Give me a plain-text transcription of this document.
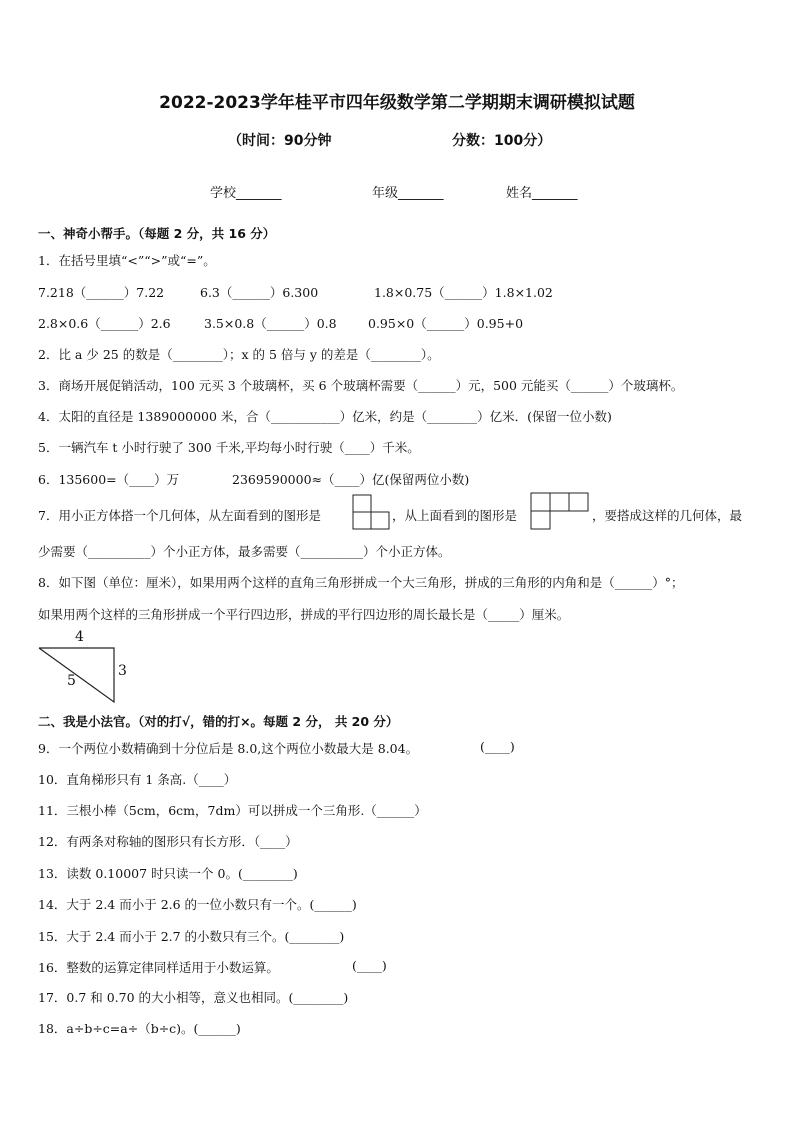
2022-2023学年桂平市四年级数学第二学期期末调研模拟试题
（时间：90分钟	分数：100分）
学校_______	年级_______	姓名_______
一、神奇小帮手。（每题 2 分，共 16 分）
1．在括号里填“<”“>”或“=”。
7.218（______）7.22	6.3（______）6.300	1.8×0.75（______）1.8×1.02
2.8×0.6（______）2.6	3.5×0.8（______）0.8	0.95×0（______）0.95+0
2．比 a 少 25 的数是（________）；x 的 5 倍与 y 的差是（________）。
3．商场开展促销活动，100 元买 3 个玻璃杯，买 6 个玻璃杯需要（______）元，500 元能买（______）个玻璃杯。
4．太阳的直径是 1389000000 米，合（___________）亿米，约是（________）亿米．(保留一位小数)
5．一辆汽车 t 小时行驶了 300 千米,平均每小时行驶（____）千米。
6．135600=（____）万	2369590000≈（____）亿(保留两位小数)
7．用小正方体搭一个几何体，从左面看到的图形是	，从上面看到的图形是	，要搭成这样的几何体，最
少需要（__________）个小正方体，最多需要（__________）个小正方体。
8．如下图（单位：厘米），如果用两个这样的直角三角形拼成一个大三角形，拼成的三角形的内角和是（______）°；
如果用两个这样的三角形拼成一个平行四边形，拼成的平行四边形的周长最长是（_____）厘米。
4
5
3
二、我是小法官。（对的打√，错的打×。每题 2 分， 共 20 分）
9．一个两位小数精确到十分位后是 8.0,这个两位小数最大是 8.04。	(____)
10．直角梯形只有 1 条高.（____）
11．三根小棒（5cm，6cm，7dm）可以拼成一个三角形.（______）
12．有两条对称轴的图形只有长方形．（____）
13．读数 0.10007 时只读一个 0。(________)
14．大于 2.4 而小于 2.6 的一位小数只有一个。(______)
15．大于 2.4 而小于 2.7 的小数只有三个。(________)
16．整数的运算定律同样适用于小数运算。	(____)
17．0.7 和 0.70 的大小相等，意义也相同。(________)
18．a÷b÷c=a÷（b÷c)。(______)
